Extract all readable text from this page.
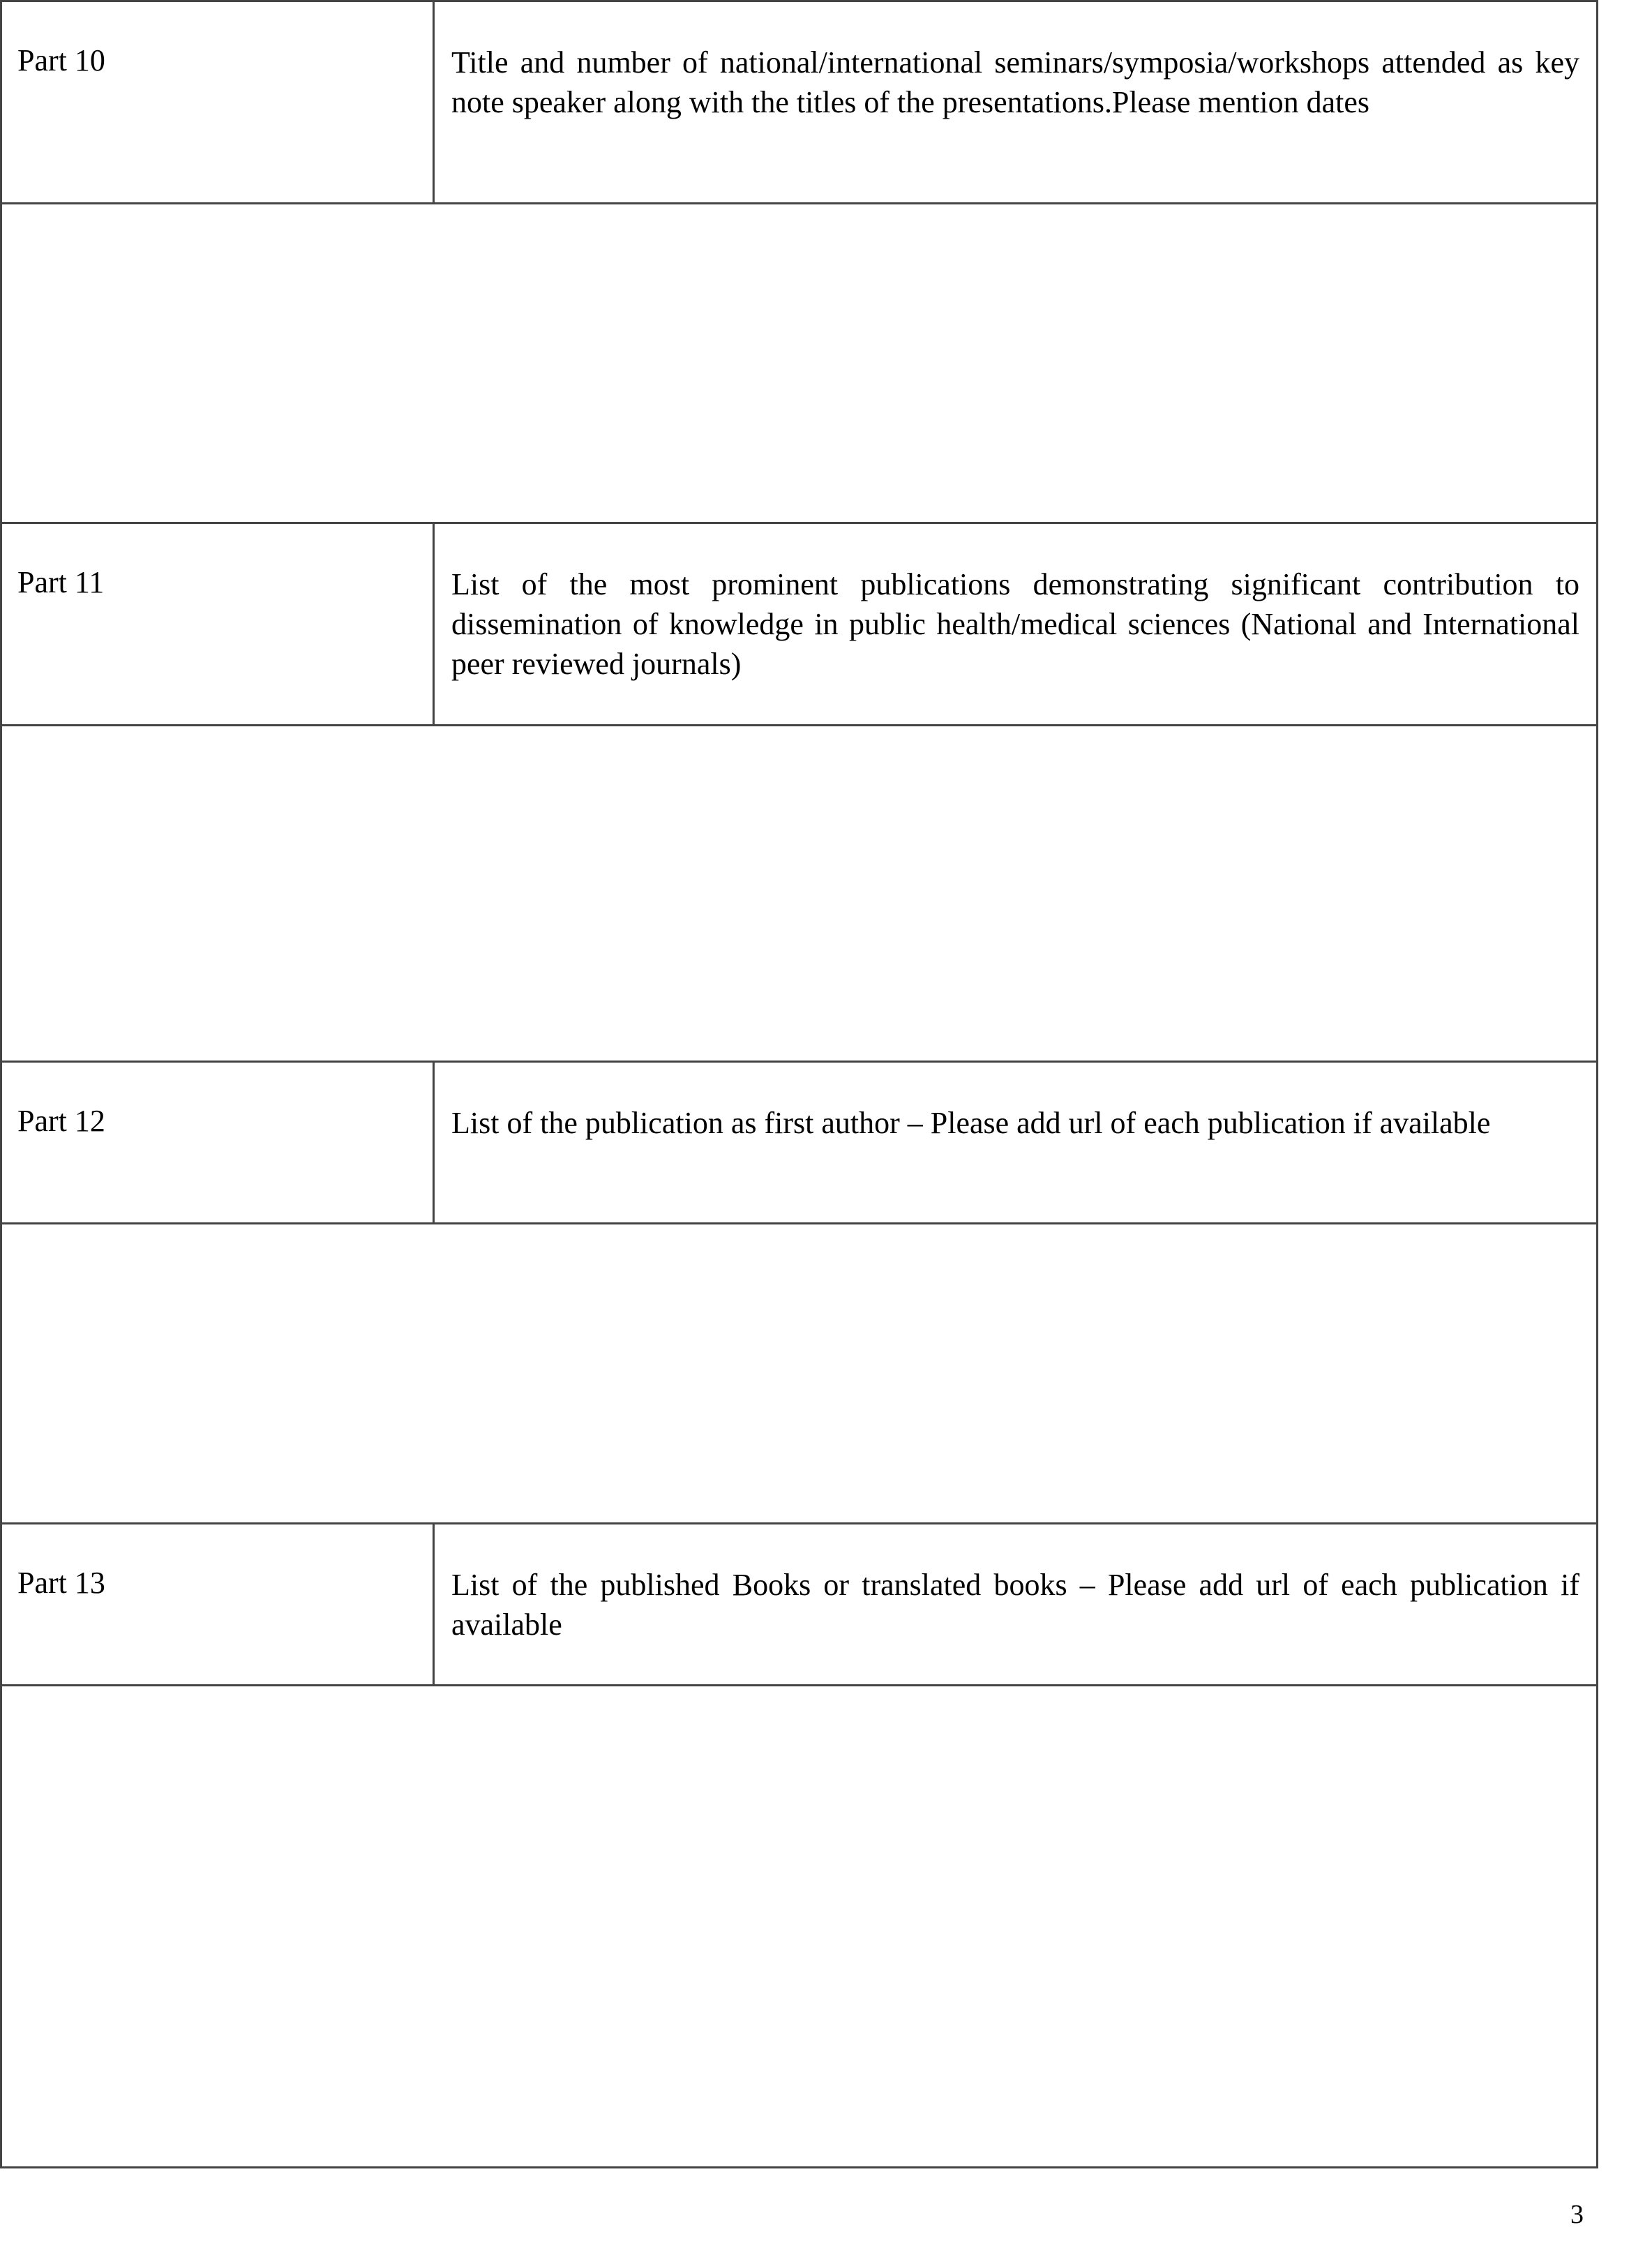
Part 10	Title and number of national/international seminars/symposia/workshops attended as key note speaker along with the titles of the presentations.Please mention dates
Part 11	List of the most prominent publications demonstrating significant contribution to dissemination of knowledge in public health/medical sciences (National and International peer reviewed journals)
Part 12	List of the publication as first author – Please add url of each publication if available
Part 13	List of the published Books or translated books – Please add url of each publication if available
3
